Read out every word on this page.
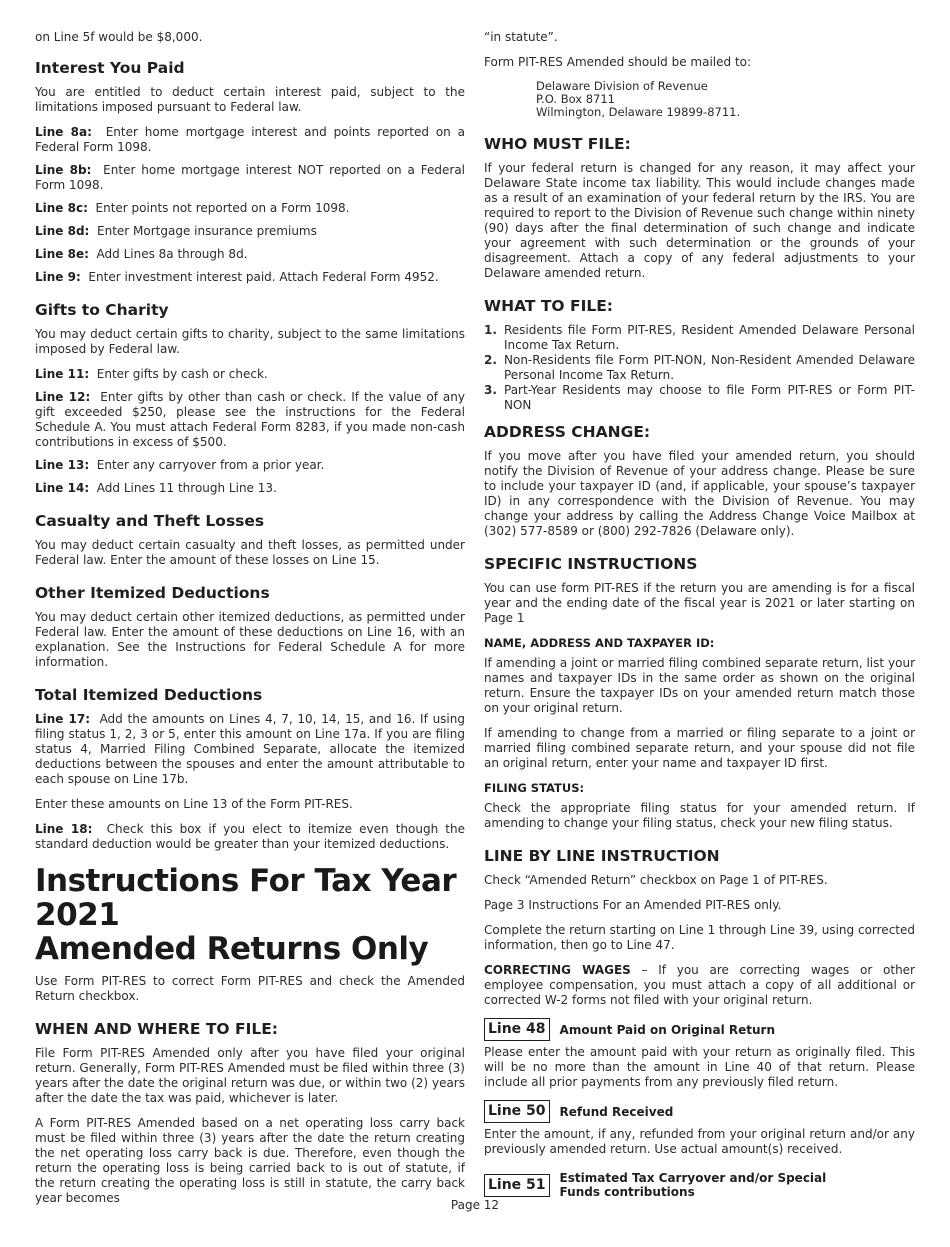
on Line 5f would be $8,000.

Interest You Paid

You are entitled to deduct certain interest paid, subject to the limitations imposed pursuant to Federal law.

Line 8a: Enter home mortgage interest and points reported on a Federal Form 1098.

Line 8b: Enter home mortgage interest NOT reported on a Federal Form 1098.

Line 8c: Enter points not reported on a Form 1098.

Line 8d: Enter Mortgage insurance premiums

Line 8e: Add Lines 8a through 8d.

Line 9: Enter investment interest paid. Attach Federal Form 4952.

Gifts to Charity

You may deduct certain gifts to charity, subject to the same limitations imposed by Federal law.

Line 11: Enter gifts by cash or check.

Line 12: Enter gifts by other than cash or check. If the value of any gift exceeded $250, please see the instructions for the Federal Schedule A. You must attach Federal Form 8283, if you made non-cash contributions in excess of $500.

Line 13: Enter any carryover from a prior year.

Line 14: Add Lines 11 through Line 13.

Casualty and Theft Losses

You may deduct certain casualty and theft losses, as permitted under Federal law. Enter the amount of these losses on Line 15.

Other Itemized Deductions

You may deduct certain other itemized deductions, as permitted under Federal law. Enter the amount of these deductions on Line 16, with an explanation. See the Instructions for Federal Schedule A for more information.

Total Itemized Deductions

Line 17: Add the amounts on Lines 4, 7, 10, 14, 15, and 16. If using filing status 1, 2, 3 or 5, enter this amount on Line 17a. If you are filing status 4, Married Filing Combined Separate, allocate the itemized deductions between the spouses and enter the amount attributable to each spouse on Line 17b.

Enter these amounts on Line 13 of the Form PIT-RES.

Line 18: Check this box if you elect to itemize even though the standard deduction would be greater than your itemized deductions.

Instructions For Tax Year 2021
Amended Returns Only

Use Form PIT-RES to correct Form PIT-RES and check the Amended Return checkbox.

WHEN AND WHERE TO FILE:

File Form PIT-RES Amended only after you have filed your original return. Generally, Form PIT-RES Amended must be filed within three (3) years after the date the original return was due, or within two (2) years after the date the tax was paid, whichever is later.

A Form PIT-RES Amended based on a net operating loss carry back must be filed within three (3) years after the date the return creating the net operating loss carry back is due. Therefore, even though the return the operating loss is being carried back to is out of statute, if the return creating the operating loss is still in statute, the carry back year becomes

“in statute”.

Form PIT-RES Amended should be mailed to:

Delaware Division of Revenue
P.O. Box 8711
Wilmington, Delaware 19899-8711.
WHO MUST FILE:

If your federal return is changed for any reason, it may affect your Delaware State income tax liability. This would include changes made as a result of an examination of your federal return by the IRS. You are required to report to the Division of Revenue such change within ninety (90) days after the final determination of such change and indicate your agreement with such determination or the grounds of your disagreement. Attach a copy of any federal adjustments to your Delaware amended return.

WHAT TO FILE:
1. Residents file Form PIT-RES, Resident Amended Delaware Personal Income Tax Return.
2. Non-Residents file Form PIT-NON, Non-Resident Amended Delaware Personal Income Tax Return.
3. Part-Year Residents may choose to file Form PIT-RES or Form PIT-NON
ADDRESS CHANGE:

If you move after you have filed your amended return, you should notify the Division of Revenue of your address change. Please be sure to include your taxpayer ID (and, if applicable, your spouse’s taxpayer ID) in any correspondence with the Division of Revenue. You may change your address by calling the Address Change Voice Mailbox at (302) 577-8589 or (800) 292-7826 (Delaware only).

SPECIFIC INSTRUCTIONS

You can use form PIT-RES if the return you are amending is for a fiscal year and the ending date of the fiscal year is 2021 or later starting on Page 1

NAME, ADDRESS AND TAXPAYER ID:

If amending a joint or married filing combined separate return, list your names and taxpayer IDs in the same order as shown on the original return. Ensure the taxpayer IDs on your amended return match those on your original return.

If amending to change from a married or filing separate to a joint or married filing combined separate return, and your spouse did not file an original return, enter your name and taxpayer ID first.

FILING STATUS:

Check the appropriate filing status for your amended return. If amending to change your filing status, check your new filing status.

LINE BY LINE INSTRUCTION

Check “Amended Return” checkbox on Page 1 of PIT-RES.

Page 3 Instructions For an Amended PIT-RES only.

Complete the return starting on Line 1 through Line 39, using corrected information, then go to Line 47.

CORRECTING WAGES – If you are correcting wages or other employee compensation, you must attach a copy of all additional or corrected W-2 forms not filed with your original return.

Line 48	Amount Paid on Original Return

Please enter the amount paid with your return as originally filed. This will be no more than the amount in Line 40 of that return. Please include all prior payments from any previously filed return.

Line 50	Refund Received

Enter the amount, if any, refunded from your original return and/or any previously amended return. Use actual amount(s) received.

Line 51	Estimated Tax Carryover and/or Special Funds contributions
Page 12
